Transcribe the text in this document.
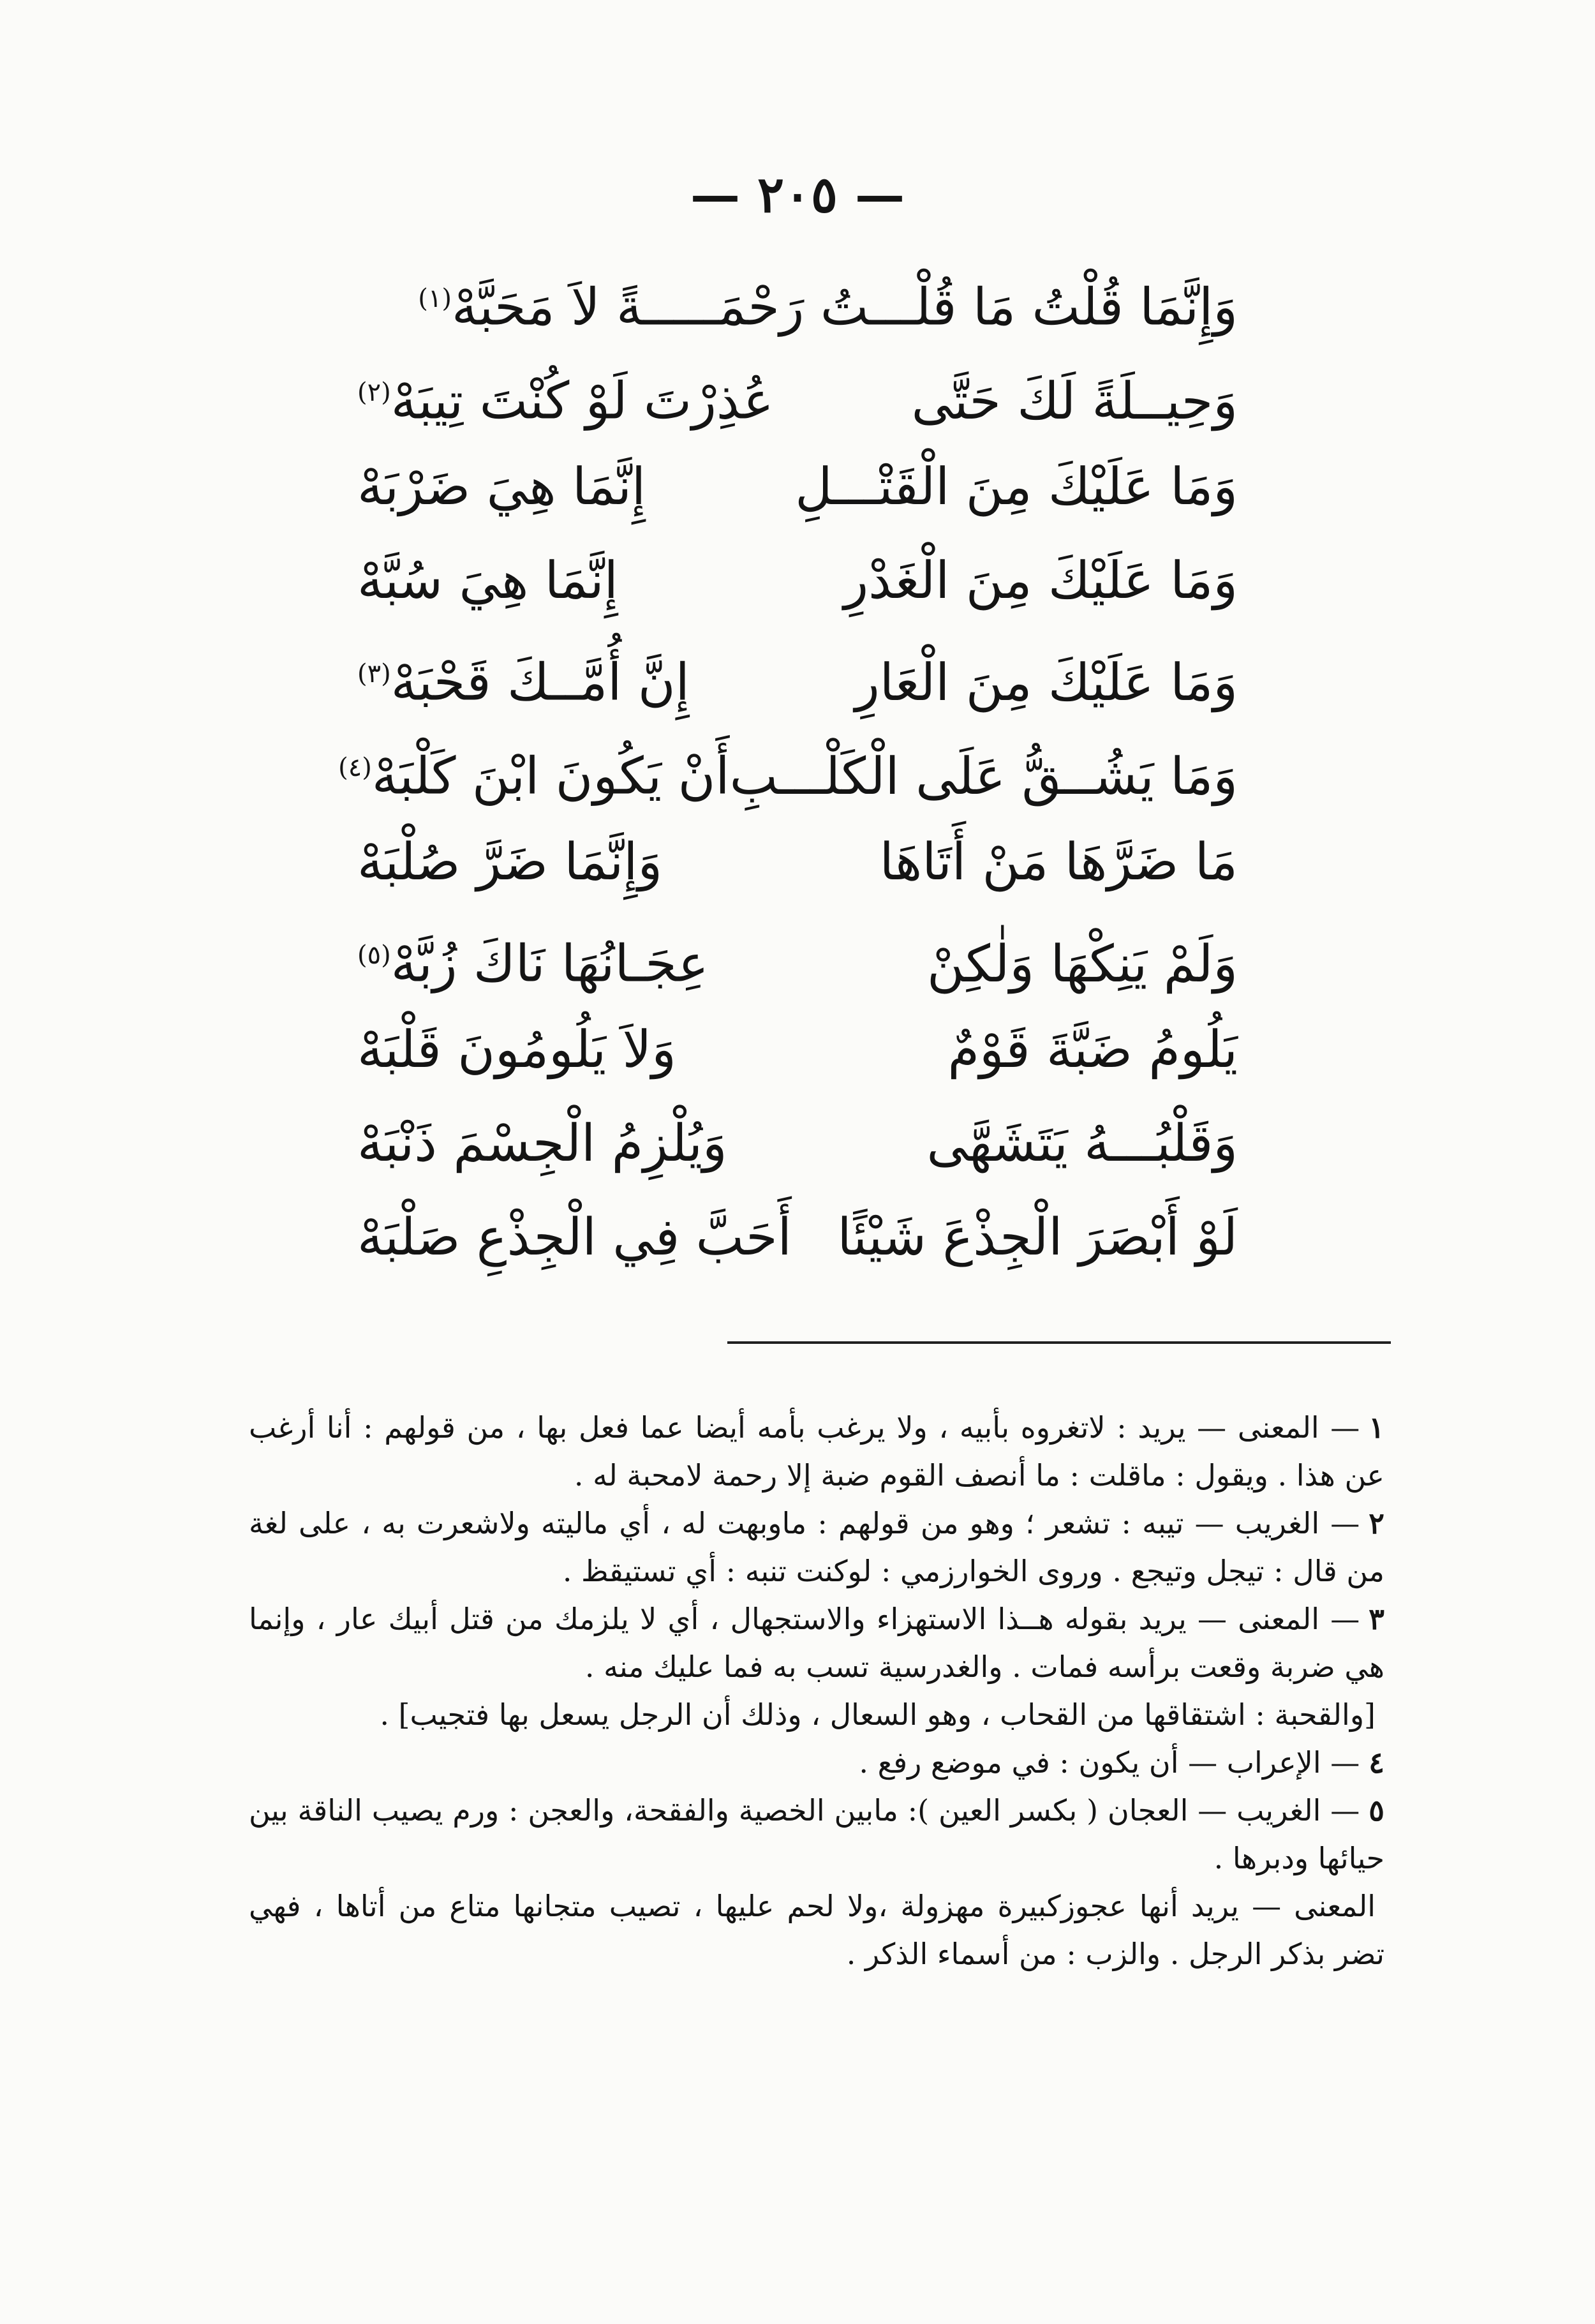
— ٢٠٥ —
وَإِنَّمَا قُلْتُ مَا قُلْـــتُ رَحْمَـــــةً لاَ مَحَبَّهْ$^{(١)}$
وَحِيــلَةً لَكَ حَتَّى
عُذِرْتَ لَوْ كُنْتَ تِيبَهْ$^{(٢)}$
وَمَا عَلَيْكَ مِنَ الْقَتْـــلِ
إِنَّمَا هِيَ ضَرْبَهْ
وَمَا عَلَيْكَ مِنَ الْغَدْرِ
إِنَّمَا هِيَ سُبَّهْ
وَمَا عَلَيْكَ مِنَ الْعَارِ
إِنَّ أُمَّــكَ قَحْبَهْ$^{(٣)}$
وَمَا يَشُــقُّ عَلَى الْكَلْـــبِ
أَنْ يَكُونَ ابْنَ كَلْبَهْ$^{(٤)}$
مَا ضَرَّهَا مَنْ أَتَاهَا
وَإِنَّمَا ضَرَّ صُلْبَهْ
وَلَمْ يَنِكْهَا وَلٰكِنْ
عِجَـانُهَا نَاكَ زُبَّهْ$^{(٥)}$
يَلُومُ ضَبَّةَ قَوْمٌ
وَلاَ يَلُومُونَ قَلْبَهْ
وَقَلْبُـــهُ يَتَشَهَّى
وَيُلْزِمُ الْجِسْمَ ذَنْبَهْ
لَوْ أَبْصَرَ الْجِذْعَ شَيْئًا
أَحَبَّ فِي الْجِذْعِ صَلْبَهْ

١— المعنى — يريد : لاتغروه بأبيه ، ولا يرغب بأمه أيضا عما فعل بها ، من قولهم : أنا أرغب عن هذا . ويقول : ماقلت : ما أنصف القوم ضبة إلا رحمة لامحبة له .

٢— الغريب — تيبه : تشعر ؛ وهو من قولهم : ماوبهت له ، أي ماليته ولاشعرت به ، على لغة من قال : تيجل وتيجع . وروى الخوارزمي : لوكنت تنبه : أي تستيقظ .

٣— المعنى — يريد بقوله هــذا الاستهزاء والاستجهال ، أي لا يلزمك من قتل أبيك عار ، وإنما هي ضربة وقعت برأسه فمات . والغدرسية تسب به فما عليك منه .

[والقحبة : اشتقاقها من القحاب ، وهو السعال ، وذلك أن الرجل يسعل بها فتجيب] .

٤— الإعراب — أن يكون : في موضع رفع .

٥— الغريب — العجان ( بكسر العين ): مابين الخصية والفقحة، والعجن : ورم يصيب الناقة بين حيائها ودبرها .

المعنى — يريد أنها عجوزكبيرة مهزولة ،ولا لحم عليها ، تصيب متجانها متاع من أتاها ، فهي تضر بذكر الرجل . والزب : من أسماء الذكر .
